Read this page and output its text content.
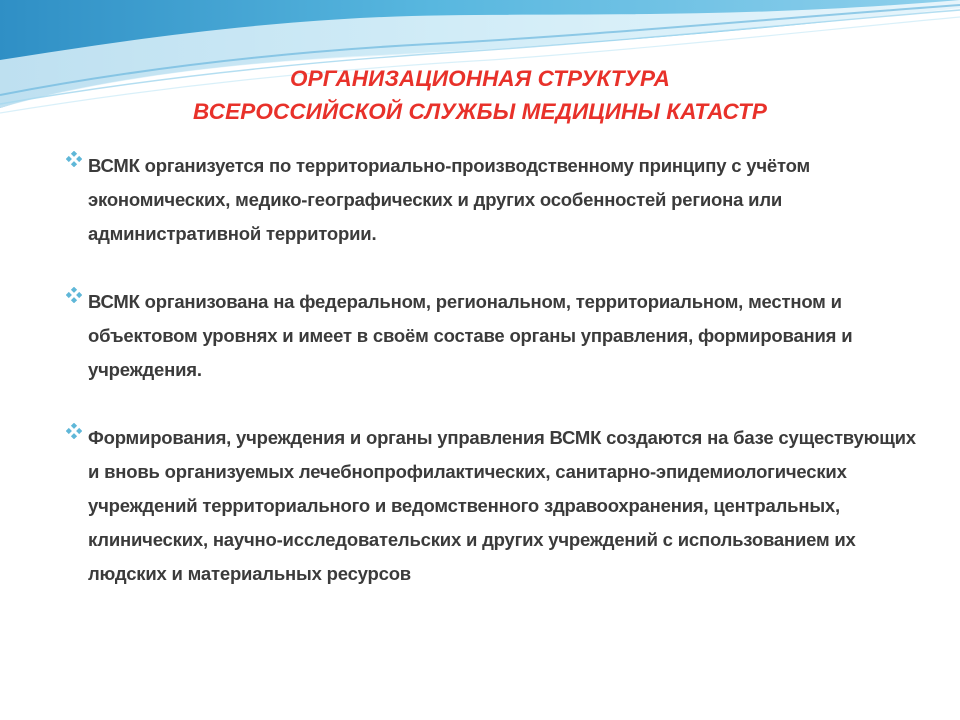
ОРГАНИЗАЦИОННАЯ СТРУКТУРА
ВСЕРОССИЙСКОЙ СЛУЖБЫ МЕДИЦИНЫ КАТАСТР
ВСМК организуется по территориально-производственному принципу с учётом экономических, медико-географических и других особенностей региона или административной территории.
ВСМК организована на федеральном, региональном, территориальном, местном и объектовом уровнях и имеет в своём составе органы управления, формирования и учреждения.
Формирования, учреждения и органы управления ВСМК создаются на базе существующих и вновь организуемых лечебнопрофилактических, санитарно-эпидемиологических учреждений территориального и ведомственного здравоохранения, центральных, клинических, научно-исследовательских и других учреждений с использованием их людских и материальных ресурсов
